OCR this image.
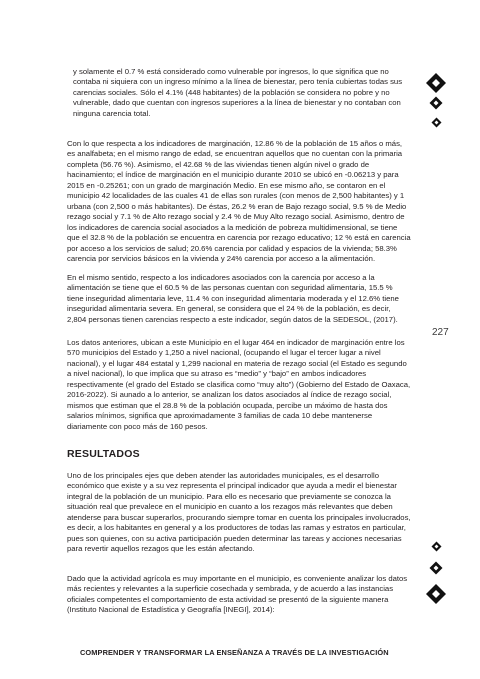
y solamente el 0.7 % está considerado como vulnerable por ingresos, lo que significa que no contaba ni siquiera con un ingreso mínimo a la línea de bienestar, pero tenía cubiertas todas sus carencias sociales. Sólo el 4.1% (448 habitantes) de la población se considera no pobre y no vulnerable, dado que cuentan con ingresos superiores a la línea de bienestar y no contaban con ninguna carencia total.

Con lo que respecta a los indicadores de marginación, 12.86 % de la población de 15 años o más, es analfabeta; en el mismo rango de edad, se encuentran aquellos que no cuentan con la primaria completa (56.76 %). Asimismo, el 42.68 % de las viviendas tienen algún nivel o grado de hacinamiento; el índice de marginación en el municipio durante 2010 se ubicó en -0.06213 y para 2015 en -0.25261; con un grado de marginación Medio. En ese mismo año, se contaron en el municipio 42 localidades de las cuales 41 de ellas son rurales (con menos de 2,500 habitantes) y 1 urbana (con 2,500 o más habitantes). De éstas, 26.2 % eran de Bajo rezago social, 9.5 % de Medio rezago social y 7.1 % de Alto rezago social y 2.4 % de Muy Alto rezago social. Asimismo, dentro de los indicadores de carencia social asociados a la medición de pobreza multidimensional, se tiene que el 32.8 % de la población se encuentra en carencia por rezago educativo; 12 % está en carencia por acceso a los servicios de salud; 20.6% carencia por calidad y espacios de la vivienda; 58.3% carencia por servicios básicos en la vivienda y 24% carencia por acceso a la alimentación.

En el mismo sentido, respecto a los indicadores asociados con la carencia por acceso a la alimentación se tiene que el 60.5 % de las personas cuentan con seguridad alimentaria, 15.5 % tiene inseguridad alimentaria leve, 11.4 % con inseguridad alimentaria moderada y el 12.6% tiene inseguridad alimentaria severa. En general, se considera que el 24 % de la población, es decir, 2,804 personas tienen carencias respecto a este indicador, según datos de la SEDESOL, (2017).

Los datos anteriores, ubican a este Municipio en el lugar 464 en indicador de marginación entre los 570 municipios del Estado y 1,250 a nivel nacional, (ocupando el lugar el tercer lugar a nivel nacional), y el lugar 484 estatal y 1,299 nacional en materia de rezago social (el Estado es segundo a nivel nacional), lo que implica que su atraso es “medio” y “bajo” en ambos indicadores respectivamente (el grado del Estado se clasifica como “muy alto”) (Gobierno del Estado de Oaxaca, 2016-2022). Si aunado a lo anterior, se analizan los datos asociados al índice de rezago social, mismos que estiman que el 28.8 % de la población ocupada, percibe un máximo de hasta dos salarios mínimos, significa que aproximadamente 3 familias de cada 10 debe mantenerse diariamente con poco más de 160 pesos.

RESULTADOS

Uno de los principales ejes que deben atender las autoridades municipales, es el desarrollo económico que existe y a su vez representa el principal indicador que ayuda a medir el bienestar integral de la población de un municipio. Para ello es necesario que previamente se conozca la situación real que prevalece en el municipio en cuanto a los rezagos más relevantes que deben atenderse para buscar superarlos, procurando siempre tomar en cuenta los principales involucrados, es decir, a los habitantes en general y a los productores de todas las ramas y estratos en particular, pues son quienes, con su activa participación pueden determinar las tareas y acciones necesarias para revertir aquellos rezagos que les están afectando.

Dado que la actividad agrícola es muy importante en el municipio, es conveniente analizar los datos más recientes y relevantes a la superficie cosechada y sembrada, y de acuerdo a las instancias oficiales competentes el comportamiento de esta actividad se presentó de la siguiente manera (Instituto Nacional de Estadística y Geografía [INEGI], 2014):

227

COMPRENDER Y TRANSFORMAR LA ENSEÑANZA A TRAVÉS DE LA INVESTIGACIÓN
